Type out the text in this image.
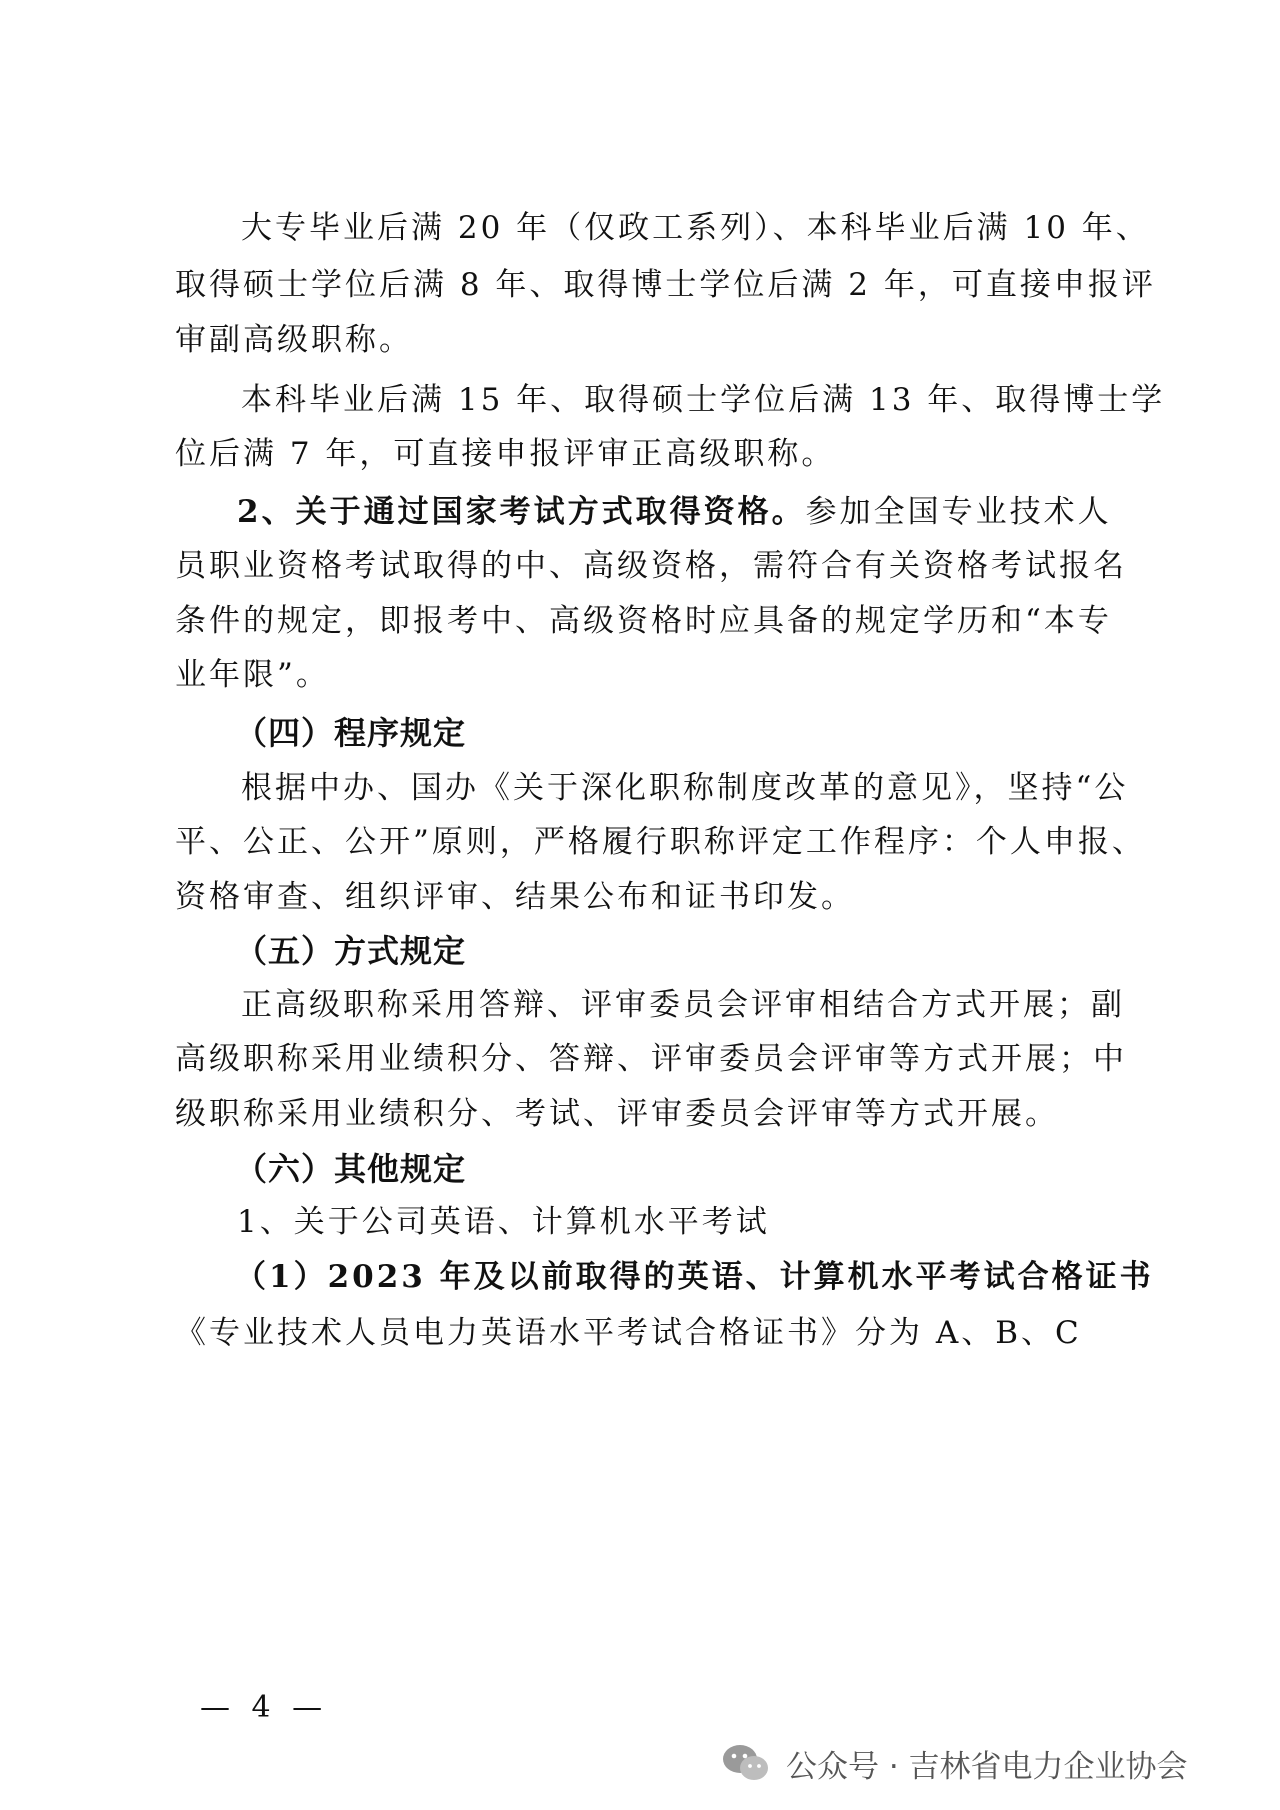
大专毕业后满 20 年（仅政工系列）、本科毕业后满 10 年、
取得硕士学位后满 8 年、取得博士学位后满 2 年，可直接申报评
审副高级职称。
本科毕业后满 15 年、取得硕士学位后满 13 年、取得博士学
位后满 7 年，可直接申报评审正高级职称。
2、关于通过国家考试方式取得资格。参加全国专业技术人
员职业资格考试取得的中、高级资格，需符合有关资格考试报名
条件的规定，即报考中、高级资格时应具备的规定学历和“本专
业年限”。
（四）程序规定
根据中办、国办《关于深化职称制度改革的意见》，坚持“公
平、公正、公开”原则，严格履行职称评定工作程序：个人申报、
资格审查、组织评审、结果公布和证书印发。
（五）方式规定
正高级职称采用答辩、评审委员会评审相结合方式开展；副
高级职称采用业绩积分、答辩、评审委员会评审等方式开展；中
级职称采用业绩积分、考试、评审委员会评审等方式开展。
（六）其他规定
1、关于公司英语、计算机水平考试
（1）2023 年及以前取得的英语、计算机水平考试合格证书
《专业技术人员电力英语水平考试合格证书》分为 A、B、C
— 4 —
公众号 · 吉林省电力企业协会
